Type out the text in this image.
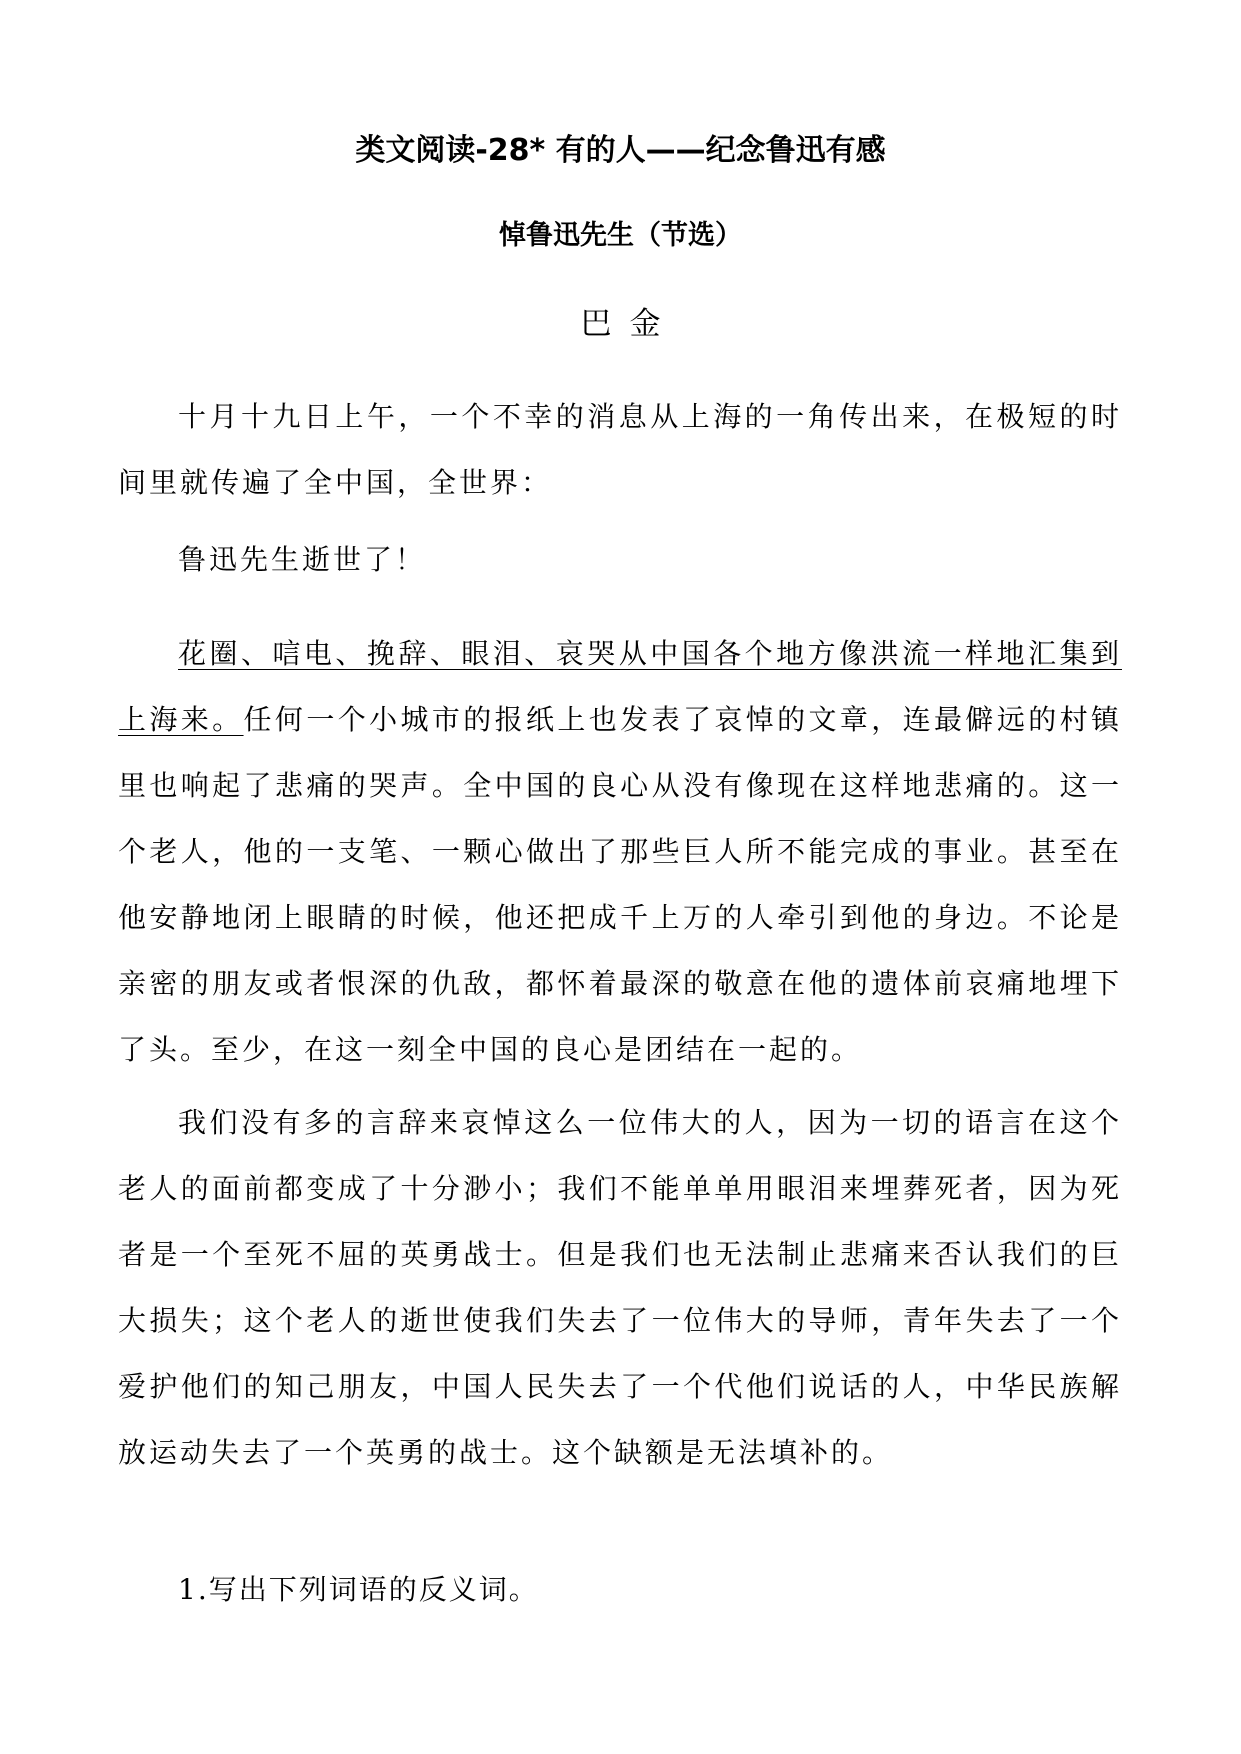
类文阅读-28* 有的人——纪念鲁迅有感
悼鲁迅先生（节选）

巴金

十月十九日上午，一个不幸的消息从上海的一角传出来，在极短的时间里就传遍了全中国，全世界：

鲁迅先生逝世了！

花圈、唁电、挽辞、眼泪、哀哭从中国各个地方像洪流一样地汇集到上海来。任何一个小城市的报纸上也发表了哀悼的文章，连最僻远的村镇里也响起了悲痛的哭声。全中国的良心从没有像现在这样地悲痛的。这一个老人，他的一支笔、一颗心做出了那些巨人所不能完成的事业。甚至在他安静地闭上眼睛的时候，他还把成千上万的人牵引到他的身边。不论是亲密的朋友或者恨深的仇敌，都怀着最深的敬意在他的遗体前哀痛地埋下了头。至少，在这一刻全中国的良心是团结在一起的。

我们没有多的言辞来哀悼这么一位伟大的人，因为一切的语言在这个老人的面前都变成了十分渺小；我们不能单单用眼泪来埋葬死者，因为死者是一个至死不屈的英勇战士。但是我们也无法制止悲痛来否认我们的巨大损失；这个老人的逝世使我们失去了一位伟大的导师，青年失去了一个爱护他们的知己朋友，中国人民失去了一个代他们说话的人，中华民族解放运动失去了一个英勇的战士。这个缺额是无法填补的。

1.写出下列词语的反义词。
